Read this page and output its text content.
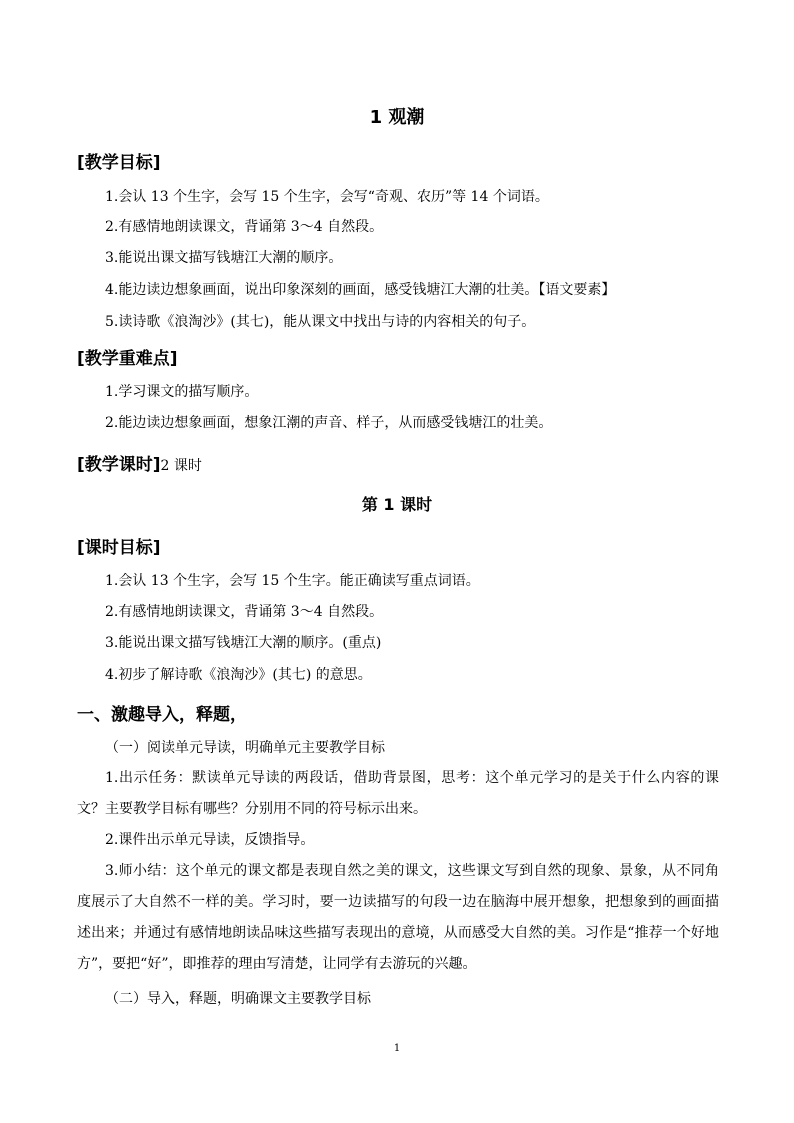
1 观潮
[教学目标]
1.会认 13 个生字，会写 15 个生字，会写“奇观、农历”等 14 个词语。
2.有感情地朗读课文，背诵第 3～4 自然段。
3.能说出课文描写钱塘江大潮的顺序。
4.能边读边想象画面，说出印象深刻的画面，感受钱塘江大潮的壮美。【语文要素】
5.读诗歌《浪淘沙》(其七)，能从课文中找出与诗的内容相关的句子。
[教学重难点]
1.学习课文的描写顺序。
2.能边读边想象画面，想象江潮的声音、样子，从而感受钱塘江的壮美。
[教学课时]2 课时
第 1 课时
[课时目标]
1.会认 13 个生字，会写 15 个生字。能正确读写重点词语。
2.有感情地朗读课文，背诵第 3～4 自然段。
3.能说出课文描写钱塘江大潮的顺序。(重点)
4.初步了解诗歌《浪淘沙》(其七) 的意思。
一、激趣导入，释题，
（一）阅读单元导读，明确单元主要教学目标
1.出示任务：默读单元导读的两段话，借助背景图，思考：这个单元学习的是关于什么内容的课文？主要教学目标有哪些？分别用不同的符号标示出来。
2.课件出示单元导读，反馈指导。
3.师小结：这个单元的课文都是表现自然之美的课文，这些课文写到自然的现象、景象，从不同角度展示了大自然不一样的美。学习时，要一边读描写的句段一边在脑海中展开想象，把想象到的画面描述出来；并通过有感情地朗读品味这些描写表现出的意境，从而感受大自然的美。习作是“推荐一个好地方”，要把“好”，即推荐的理由写清楚，让同学有去游玩的兴趣。
（二）导入，释题，明确课文主要教学目标
1
